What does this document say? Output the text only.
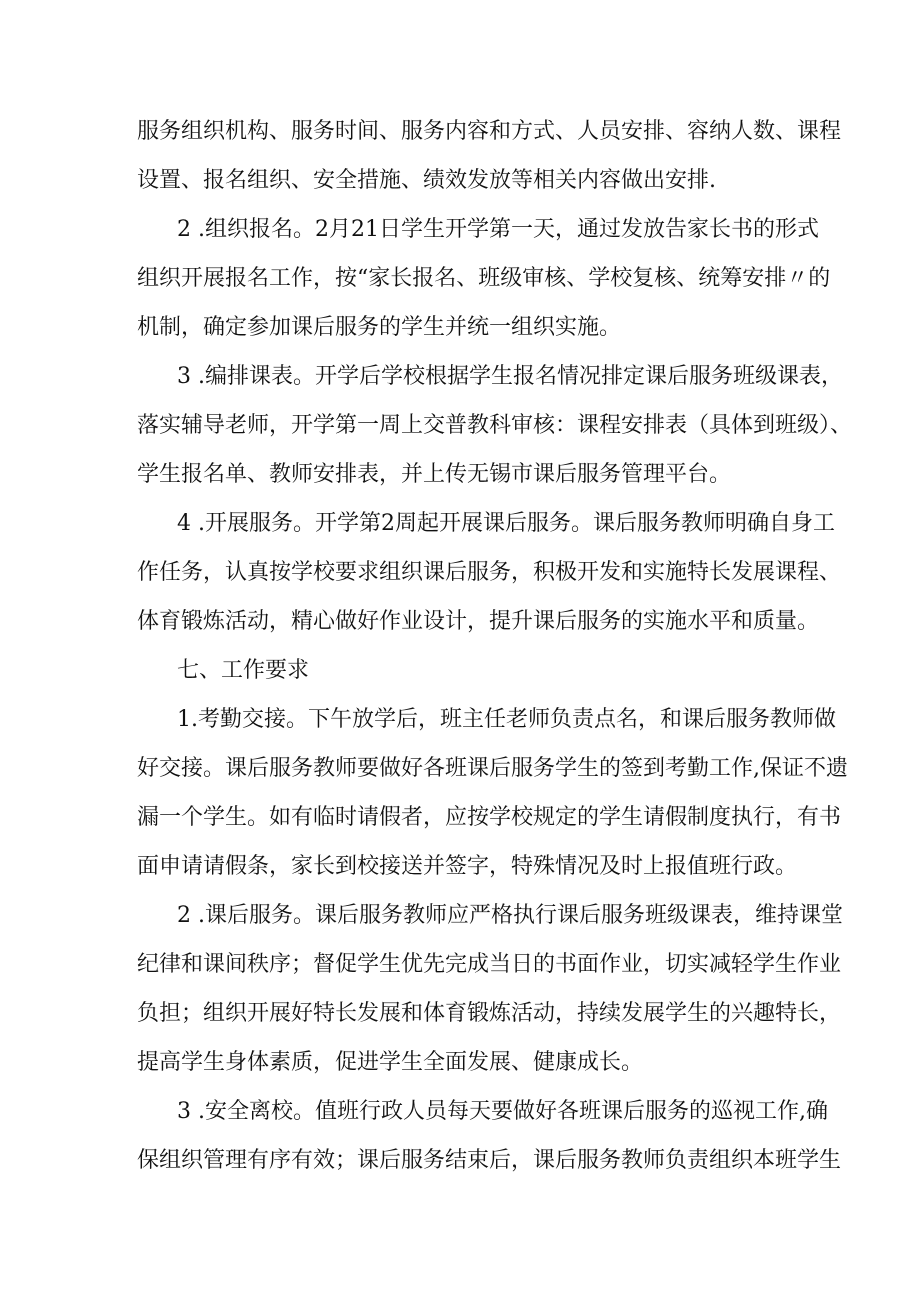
服务组织机构、服务时间、服务内容和方式、人员安排、容纳人数、课程
设置、报名组织、安全措施、绩效发放等相关内容做出安排.
2 .组织报名。2月21日学生开学第一天，通过发放告家长书的形式
组织开展报名工作，按“家长报名、班级审核、学校复核、统筹安排〃的
机制，确定参加课后服务的学生并统一组织实施。
3 .编排课表。开学后学校根据学生报名情况排定课后服务班级课表，
落实辅导老师，开学第一周上交普教科审核：课程安排表（具体到班级）、
学生报名单、教师安排表，并上传无锡市课后服务管理平台。
4 .开展服务。开学第2周起开展课后服务。课后服务教师明确自身工
作任务，认真按学校要求组织课后服务，积极开发和实施特长发展课程、
体育锻炼活动，精心做好作业设计，提升课后服务的实施水平和质量。
七、工作要求
1.考勤交接。下午放学后，班主任老师负责点名，和课后服务教师做
好交接。课后服务教师要做好各班课后服务学生的签到考勤工作,保证不遗
漏一个学生。如有临时请假者，应按学校规定的学生请假制度执行，有书
面申请请假条，家长到校接送并签字，特殊情况及时上报值班行政。
2 .课后服务。课后服务教师应严格执行课后服务班级课表，维持课堂
纪律和课间秩序；督促学生优先完成当日的书面作业，切实减轻学生作业
负担；组织开展好特长发展和体育锻炼活动，持续发展学生的兴趣特长，
提高学生身体素质，促进学生全面发展、健康成长。
3 .安全离校。值班行政人员每天要做好各班课后服务的巡视工作,确
保组织管理有序有效；课后服务结束后，课后服务教师负责组织本班学生
